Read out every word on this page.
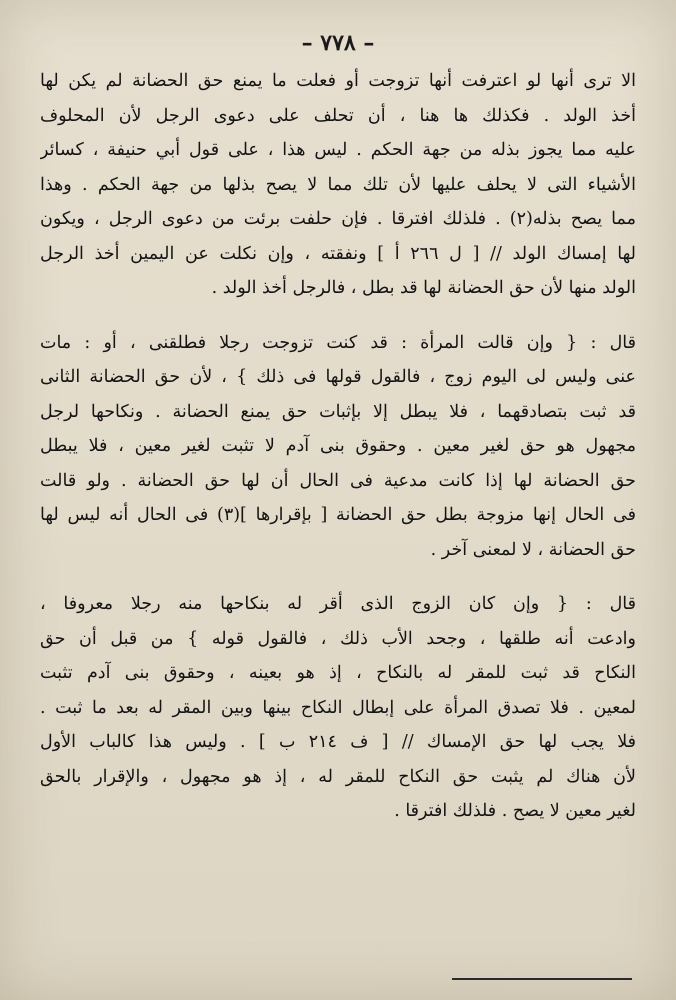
– ٧٧٨ –
الا ترى أنها لو اعترفت أنها تزوجت أو فعلت ما يمنع حق الحضانة لم يكن لها
أخذ الولد . فكذلك ها هنا ، أن تحلف على دعوى الرجل لأن المحلوف
عليه مما يجوز بذله من جهة الحكم . ليس هذا ، على قول أبي حنيفة ، كسائر
الأشياء التى لا يحلف عليها لأن تلك مما لا يصح بذلها من جهة الحكم . وهذا
مما يصح بذله(٢) . فلذلك افترقا . فإن حلفت برئت من دعوى الرجل ، ويكون
لها إمساك الولد // [ ل ٢٦٦ أ ] ونفقته ، وإن نكلت عن اليمين أخذ الرجل
الولد منها لأن حق الحضانة لها قد بطل ، فالرجل أخذ الولد .
قال : { وإن قالت المرأة : قد كنت تزوجت رجلا فطلقنى ، أو : مات
عنى وليس لى اليوم زوج ، فالقول قولها فى ذلك } ، لأن حق الحضانة الثانى
قد ثبت بتصادقهما ، فلا يبطل إلا بإثبات حق يمنع الحضانة . ونكاحها لرجل
مجهول هو حق لغير معين . وحقوق بنى آدم لا تثبت لغير معين ، فلا يبطل
حق الحضانة لها إذا كانت مدعية فى الحال أن لها حق الحضانة . ولو قالت
فى الحال إنها مزوجة بطل حق الحضانة [ بإقرارها ](٣) فى الحال أنه ليس لها
حق الحضانة ، لا لمعنى آخر .
قال : { وإن كان الزوج الذى أقر له بنكاحها منه رجلا معروفا ،
وادعت أنه طلقها ، وجحد الأب ذلك ، فالقول قوله } من قبل أن حق
النكاح قد ثبت للمقر له بالنكاح ، إذ هو بعينه ، وحقوق بنى آدم تثبت
لمعين . فلا تصدق المرأة على إبطال النكاح بينها وبين المقر له بعد ما ثبت .
فلا يجب لها حق الإمساك // [ ف ٢١٤ ب ] . وليس هذا كالباب الأول
لأن هناك لم يثبت حق النكاح للمقر له ، إذ هو مجهول ، والإقرار بالحق
لغير معين لا يصح . فلذلك افترقا .
